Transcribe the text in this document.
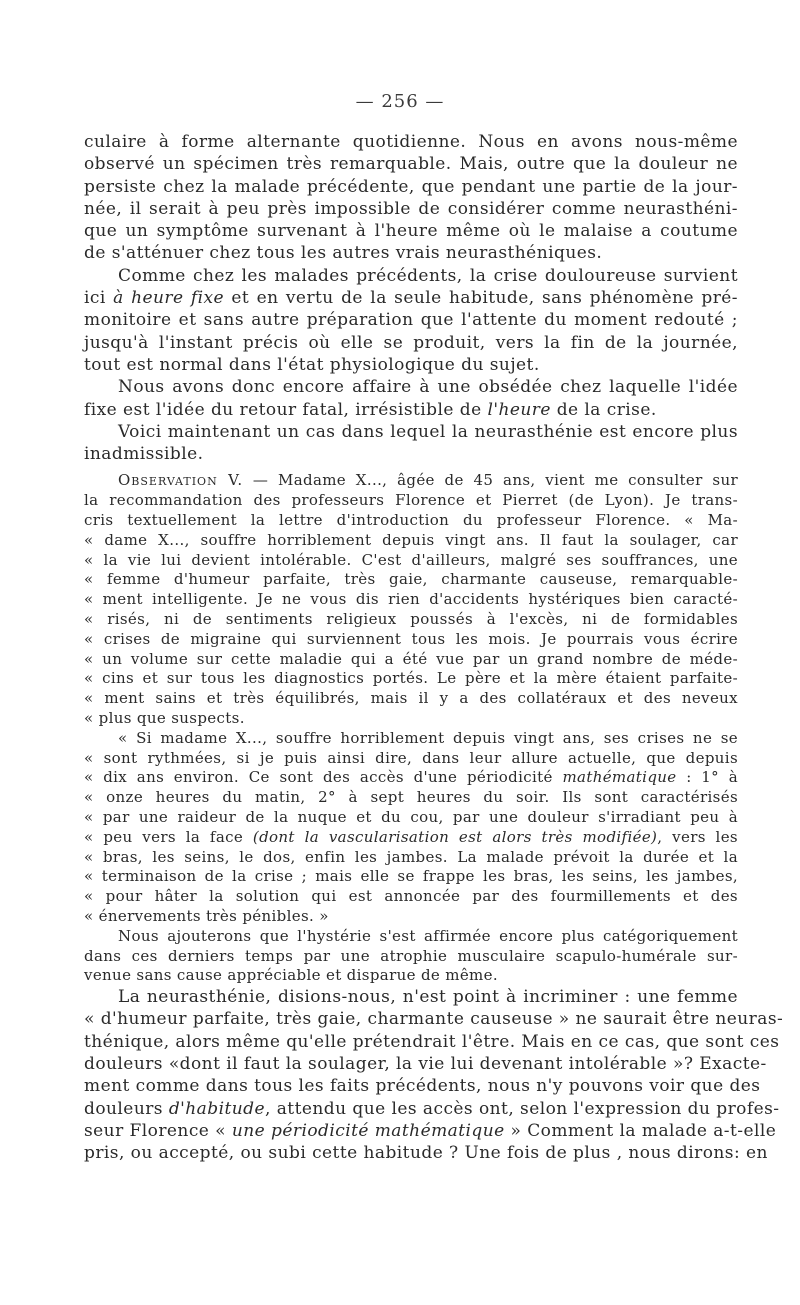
— 256 —
culaire à forme alternante quotidienne. Nous en avons nous-même
observé un spécimen très remarquable. Mais, outre que la douleur ne
persiste chez la malade précédente, que pendant une partie de la jour-
née, il serait à peu près impossible de considérer comme neurasthéni-
que un symptôme survenant à l'heure même où le malaise a coutume
de s'atténuer chez tous les autres vrais neurasthéniques.
Comme chez les malades précédents, la crise douloureuse survient
ici à heure fixe et en vertu de la seule habitude, sans phénomène pré-
monitoire et sans autre préparation que l'attente du moment redouté ;
jusqu'à l'instant précis où elle se produit, vers la fin de la journée,
tout est normal dans l'état physiologique du sujet.
Nous avons donc encore affaire à une obsédée chez laquelle l'idée
fixe est l'idée du retour fatal, irrésistible de l'heure de la crise.
Voici maintenant un cas dans lequel la neurasthénie est encore plus
inadmissible.
Observation V. — Madame X..., âgée de 45 ans, vient me consulter sur
la recommandation des professeurs Florence et Pierret (de Lyon). Je trans-
cris textuellement la lettre d'introduction du professeur Florence. « Ma-
« dame X..., souffre horriblement depuis vingt ans. Il faut la soulager, car
« la vie lui devient intolérable. C'est d'ailleurs, malgré ses souffrances, une
« femme d'humeur parfaite, très gaie, charmante causeuse, remarquable-
« ment intelligente. Je ne vous dis rien d'accidents hystériques bien caracté-
« risés, ni de sentiments religieux poussés à l'excès, ni de formidables
« crises de migraine qui surviennent tous les mois. Je pourrais vous écrire
« un volume sur cette maladie qui a été vue par un grand nombre de méde-
« cins et sur tous les diagnostics portés. Le père et la mère étaient parfaite-
« ment sains et très équilibrés, mais il y a des collatéraux et des neveux
« plus que suspects.
« Si madame X..., souffre horriblement depuis vingt ans, ses crises ne se
« sont rythmées, si je puis ainsi dire, dans leur allure actuelle, que depuis
« dix ans environ. Ce sont des accès d'une périodicité mathématique : 1° à
« onze heures du matin, 2° à sept heures du soir. Ils sont caractérisés
« par une raideur de la nuque et du cou, par une douleur s'irradiant peu à
« peu vers la face (dont la vascularisation est alors très modifiée), vers les
« bras, les seins, le dos, enfin les jambes. La malade prévoit la durée et la
« terminaison de la crise ; mais elle se frappe les bras, les seins, les jambes,
« pour hâter la solution qui est annoncée par des fourmillements et des
« énervements très pénibles. »
Nous ajouterons que l'hystérie s'est affirmée encore plus catégoriquement
dans ces derniers temps par une atrophie musculaire scapulo-humérale sur-
venue sans cause appréciable et disparue de même.
La neurasthénie, disions-nous, n'est point à incriminer : une femme
« d'humeur parfaite, très gaie, charmante causeuse » ne saurait être neuras-
thénique, alors même qu'elle prétendrait l'être. Mais en ce cas, que sont ces
douleurs «dont il faut la soulager, la vie lui devenant intolérable »? Exacte-
ment comme dans tous les faits précédents, nous n'y pouvons voir que des
douleurs d'habitude, attendu que les accès ont, selon l'expression du profes-
seur Florence « une périodicité mathématique » Comment la malade a-t-elle
pris, ou accepté, ou subi cette habitude ? Une fois de plus , nous dirons: en
